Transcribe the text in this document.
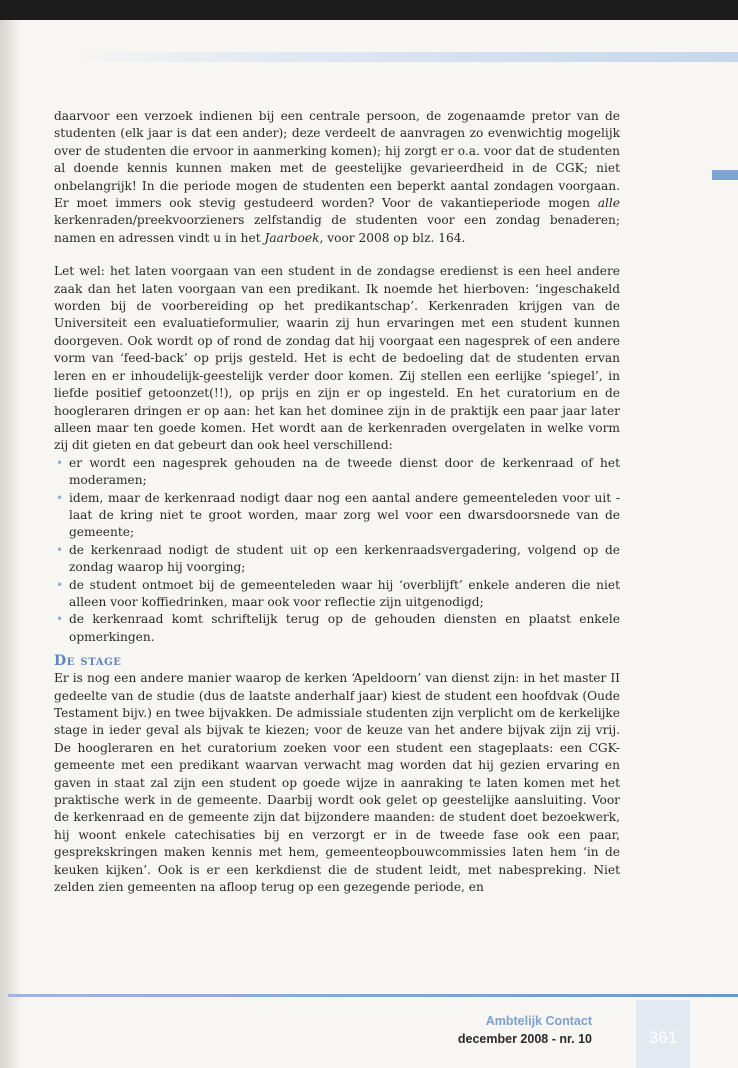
daarvoor een verzoek indienen bij een centrale persoon, de zogenaamde pretor van de studenten (elk jaar is dat een ander); deze verdeelt de aanvragen zo evenwichtig mogelijk over de studenten die ervoor in aanmerking komen); hij zorgt er o.a. voor dat de studenten al doende kennis kunnen maken met de geestelijke gevarieerdheid in de CGK; niet onbelangrijk! In die periode mogen de studenten een beperkt aantal zondagen voorgaan. Er moet immers ook stevig gestudeerd worden? Voor de vakantieperiode mogen alle kerkenraden/preekvoorzieners zelfstandig de studenten voor een zondag benaderen; namen en adressen vindt u in het Jaarboek, voor 2008 op blz. 164.

Let wel: het laten voorgaan van een student in de zondagse eredienst is een heel andere zaak dan het laten voorgaan van een predikant. Ik noemde het hierboven: ‘ingeschakeld worden bij de voorbereiding op het predikantschap’. Kerkenraden krijgen van de Universiteit een evaluatieformulier, waarin zij hun ervaringen met een student kunnen doorgeven. Ook wordt op of rond de zondag dat hij voorgaat een nagesprek of een andere vorm van ‘feed-back’ op prijs gesteld. Het is echt de bedoeling dat de studenten ervan leren en er inhoudelijk-geestelijk verder door komen. Zij stellen een eerlijke ‘spiegel’, in liefde positief getoonzet(!!), op prijs en zijn er op ingesteld. En het curatorium en de hoogleraren dringen er op aan: het kan het dominee zijn in de praktijk een paar jaar later alleen maar ten goede komen. Het wordt aan de kerkenraden overgelaten in welke vorm zij dit gieten en dat gebeurt dan ook heel verschillend:

• er wordt een nagesprek gehouden na de tweede dienst door de kerkenraad of het moderamen;
• idem, maar de kerkenraad nodigt daar nog een aantal andere gemeenteleden voor uit - laat de kring niet te groot worden, maar zorg wel voor een dwarsdoorsnede van de gemeente;
• de kerkenraad nodigt de student uit op een kerkenraadsvergadering, volgend op de zondag waarop hij voorging;
• de student ontmoet bij de gemeenteleden waar hij ‘overblijft’ enkele anderen die niet alleen voor koffiedrinken, maar ook voor reflectie zijn uitgenodigd;
• de kerkenraad komt schriftelijk terug op de gehouden diensten en plaatst enkele opmerkingen.
De stage

Er is nog een andere manier waarop de kerken ‘Apeldoorn’ van dienst zijn: in het master II gedeelte van de studie (dus de laatste anderhalf jaar) kiest de student een hoofdvak (Oude Testament bijv.) en twee bijvakken. De admissiale studenten zijn verplicht om de kerkelijke stage in ieder geval als bijvak te kiezen; voor de keuze van het andere bijvak zijn zij vrij. De hoogleraren en het curatorium zoeken voor een student een stageplaats: een CGK-gemeente met een predikant waarvan verwacht mag worden dat hij gezien ervaring en gaven in staat zal zijn een student op goede wijze in aanraking te laten komen met het praktische werk in de gemeente. Daarbij wordt ook gelet op geestelijke aansluiting. Voor de kerkenraad en de gemeente zijn dat bijzondere maanden: de student doet bezoekwerk, hij woont enkele catechisaties bij en verzorgt er in de tweede fase ook een paar, gesprekskringen maken kennis met hem, gemeenteopbouwcommissies laten hem ‘in de keuken kijken’. Ook is er een kerkdienst die de student leidt, met nabespreking. Niet zelden zien gemeenten na afloop terug op een gezegende periode, en

Ambtelijk Contact
december 2008 - nr. 10	361
